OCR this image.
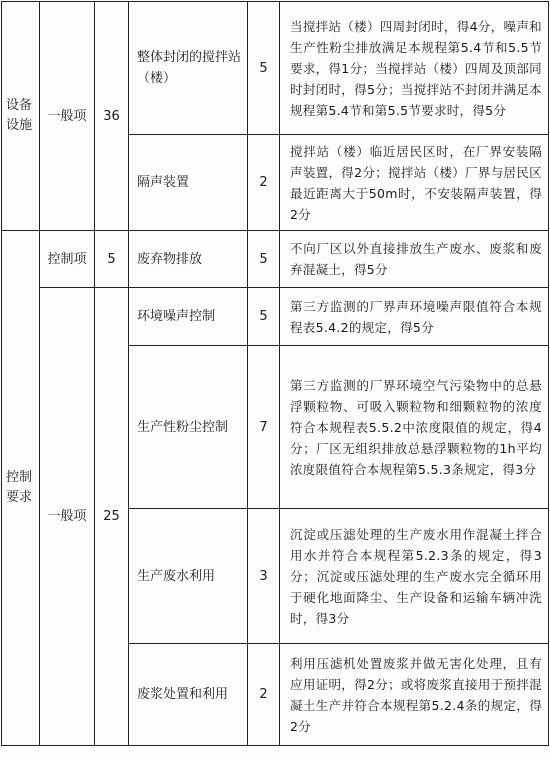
设备设施	一般项	36	整体封闭的搅拌站（楼）	5	当搅拌站（楼）四周封闭时，得4分，噪声和生产性粉尘排放满足本规程第5.4节和5.5节要求，得1分；当搅拌站（楼）四周及顶部同时封闭时，得5分；当搅拌站不封闭并满足本规程第5.4节和第5.5节要求时，得5分
			隔声装置	2	搅拌站（楼）临近居民区时，在厂界安装隔声装置，得2分；搅拌站（楼）厂界与居民区最近距离大于50m时，不安装隔声装置，得2分
控制要求	控制项	5	废弃物排放	5	不向厂区以外直接排放生产废水、废浆和废弃混凝土，得5分
	一般项	25	环境噪声控制	5	第三方监测的厂界声环境噪声限值符合本规程表5.4.2的规定，得5分
			生产性粉尘控制	7	第三方监测的厂界环境空气污染物中的总悬浮颗粒物、可吸入颗粒物和细颗粒物的浓度符合本规程表5.5.2中浓度限值的规定，得4分；厂区无组织排放总悬浮颗粒物的1h平均浓度限值符合本规程第5.5.3条规定，得3分
			生产废水利用	3	沉淀或压滤处理的生产废水用作混凝土拌合用水并符合本规程第5.2.3条的规定，得3分；沉淀或压滤处理的生产废水完全循环用于硬化地面降尘、生产设备和运输车辆冲洗时，得3分
			废浆处置和利用	2	利用压滤机处置废浆并做无害化处理，且有应用证明，得2分；或将废浆直接用于预拌混凝土生产并符合本规程第5.2.4条的规定，得2分
